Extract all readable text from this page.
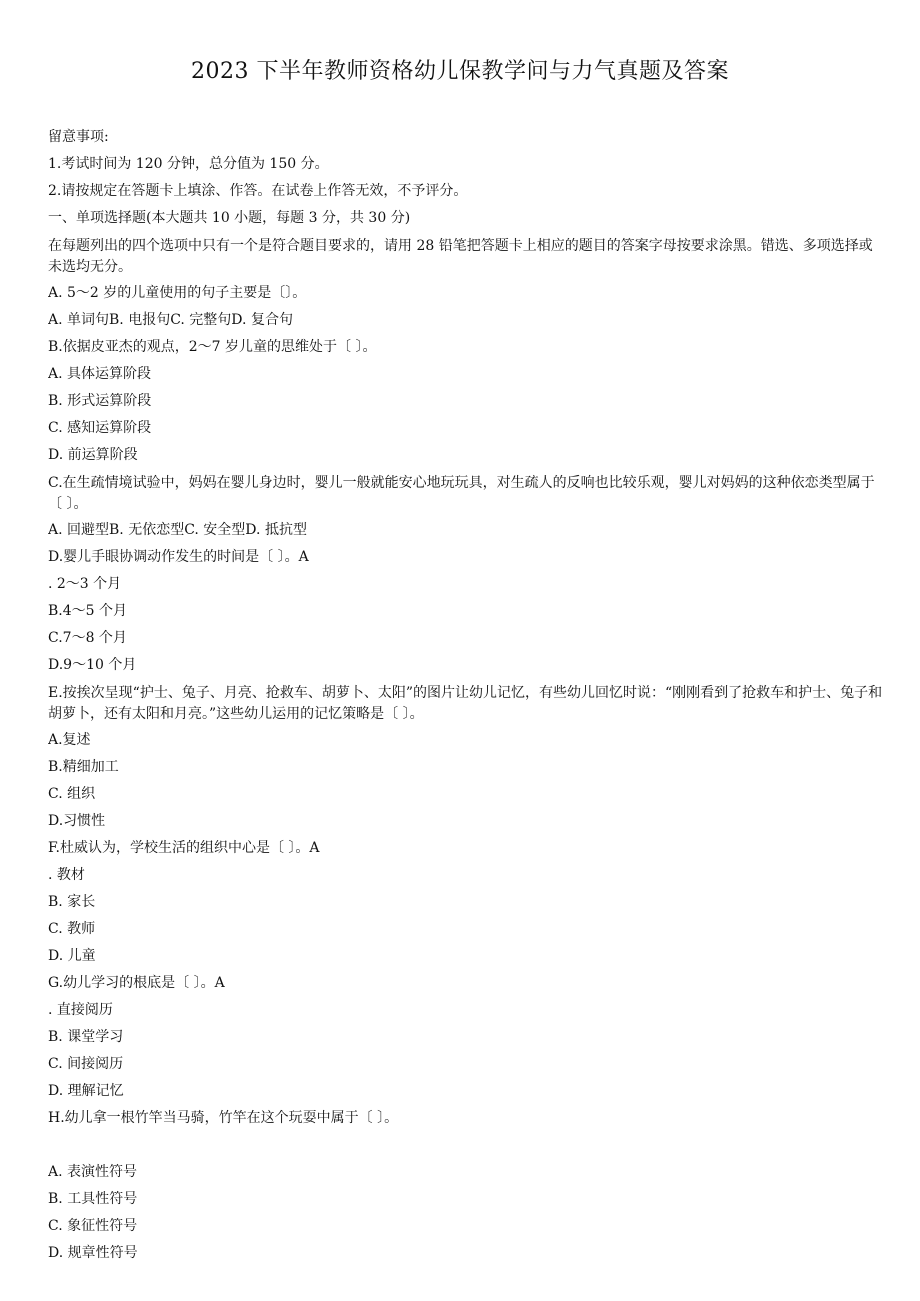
2023 下半年教师资格幼儿保教学问与力气真题及答案
留意事项:
1.考试时间为 120 分钟，总分值为 150 分。
2.请按规定在答题卡上填涂、作答。在试卷上作答无效，不予评分。
一、单项选择题(本大题共 10 小题，每题 3 分，共 30 分)
在每题列出的四个选项中只有一个是符合题目要求的，请用 28 铅笔把答题卡上相应的题目的答案字母按要求涂黑。错选、多项选择或未选均无分。
A. 5～2 岁的儿童使用的句子主要是〔〕。
A. 单词句B. 电报句C. 完整句D. 复合句
B.依据皮亚杰的观点，2～7 岁儿童的思维处于〔 〕。
A. 具体运算阶段
B. 形式运算阶段
C. 感知运算阶段
D. 前运算阶段
C.在生疏情境试验中，妈妈在婴儿身边时，婴儿一般就能安心地玩玩具，对生疏人的反响也比较乐观，婴儿对妈妈的这种依恋类型属于〔 〕。
A. 回避型B. 无依恋型C. 安全型D. 抵抗型
D.婴儿手眼协调动作发生的时间是〔 〕。A
. 2～3 个月
B.4～5 个月
C.7～8 个月
D.9～10 个月
E.按挨次呈现“护士、兔子、月亮、抢救车、胡萝卜、太阳”的图片让幼儿记忆，有些幼儿回忆时说：“刚刚看到了抢救车和护士、兔子和胡萝卜，还有太阳和月亮。”这些幼儿运用的记忆策略是〔 〕。
A.复述
B.精细加工
C. 组织
D.习惯性
F.杜威认为，学校生活的组织中心是〔 〕。A
. 教材
B. 家长
C. 教师
D. 儿童
G.幼儿学习的根底是〔 〕。A
. 直接阅历
B. 课堂学习
C. 间接阅历
D. 理解记忆
H.幼儿拿一根竹竿当马骑，竹竿在这个玩耍中属于〔 〕。
A. 表演性符号
B. 工具性符号
C. 象征性符号
D. 规章性符号
